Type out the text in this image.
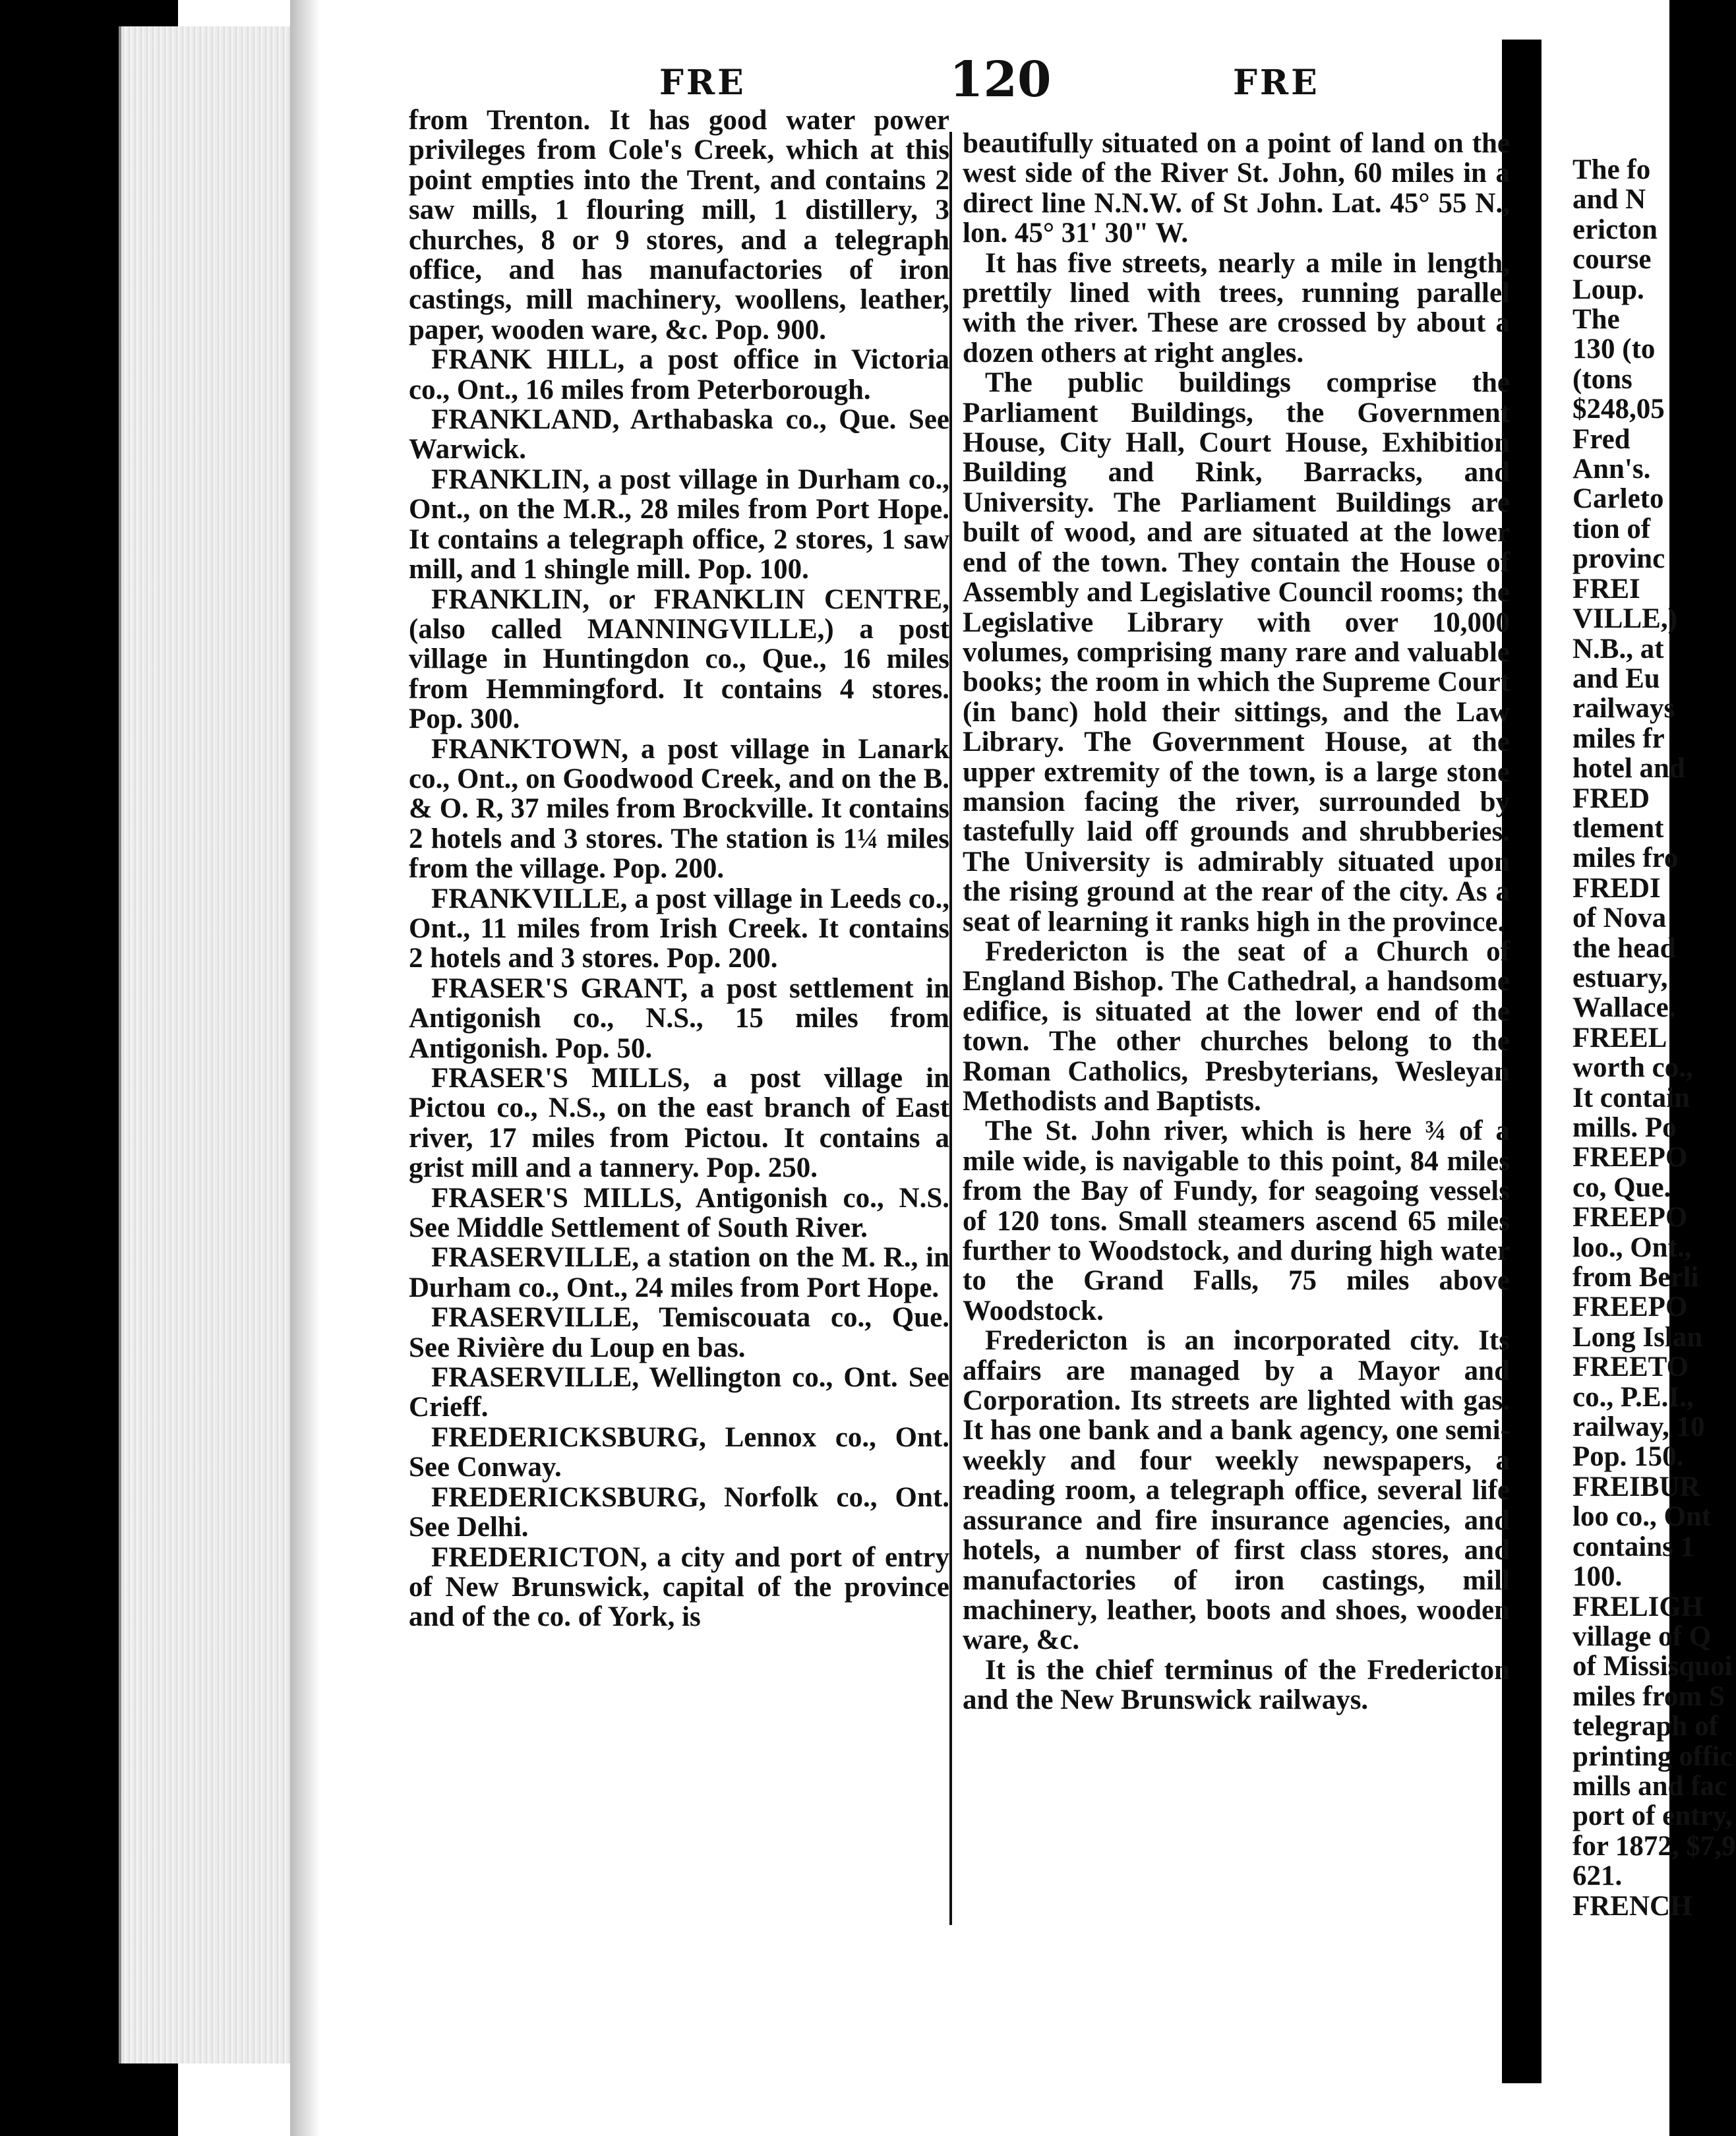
FRE	120	FRE

from Trenton. It has good water power privileges from Cole's Creek, which at this point empties into the Trent, and contains 2 saw mills, 1 flouring mill, 1 distillery, 3 churches, 8 or 9 stores, and a telegraph office, and has manufactories of iron castings, mill machinery, woollens, leather, paper, wooden ware, &c. Pop. 900.

FRANK HILL, a post office in Victoria co., Ont., 16 miles from Peterborough.

FRANKLAND, Arthabaska co., Que. See Warwick.

FRANKLIN, a post village in Durham co., Ont., on the M.R., 28 miles from Port Hope. It contains a telegraph office, 2 stores, 1 saw mill, and 1 shingle mill. Pop. 100.

FRANKLIN, or FRANKLIN CENTRE, (also called MANNINGVILLE,) a post village in Huntingdon co., Que., 16 miles from Hemmingford. It contains 4 stores. Pop. 300.

FRANKTOWN, a post village in Lanark co., Ont., on Goodwood Creek, and on the B. & O. R, 37 miles from Brockville. It contains 2 hotels and 3 stores. The station is 1¼ miles from the village. Pop. 200.

FRANKVILLE, a post village in Leeds co., Ont., 11 miles from Irish Creek. It contains 2 hotels and 3 stores. Pop. 200.

FRASER'S GRANT, a post settlement in Antigonish co., N.S., 15 miles from Antigonish. Pop. 50.

FRASER'S MILLS, a post village in Pictou co., N.S., on the east branch of East river, 17 miles from Pictou. It contains a grist mill and a tannery. Pop. 250.

FRASER'S MILLS, Antigonish co., N.S. See Middle Settlement of South River.

FRASERVILLE, a station on the M. R., in Durham co., Ont., 24 miles from Port Hope.

FRASERVILLE, Temiscouata co., Que. See Rivière du Loup en bas.

FRASERVILLE, Wellington co., Ont. See Crieff.

FREDERICKSBURG, Lennox co., Ont. See Conway.

FREDERICKSBURG, Norfolk co., Ont. See Delhi.

FREDERICTON, a city and port of entry of New Brunswick, capital of the province and of the co. of York, is

beautifully situated on a point of land on the west side of the River St. John, 60 miles in a direct line N.N.W. of St John. Lat. 45° 55 N., lon. 45° 31' 30" W.

It has five streets, nearly a mile in length, prettily lined with trees, running parallel with the river. These are crossed by about a dozen others at right angles.

The public buildings comprise the Parliament Buildings, the Government House, City Hall, Court House, Exhibition Building and Rink, Barracks, and University. The Parliament Buildings are built of wood, and are situated at the lower end of the town. They contain the House of Assembly and Legislative Council rooms; the Legislative Library with over 10,000 volumes, comprising many rare and valuable books; the room in which the Supreme Court (in banc) hold their sittings, and the Law Library. The Government House, at the upper extremity of the town, is a large stone mansion facing the river, surrounded by tastefully laid off grounds and shrubberies. The University is admirably situated upon the rising ground at the rear of the city. As a seat of learning it ranks high in the province.

Fredericton is the seat of a Church of England Bishop. The Cathedral, a handsome edifice, is situated at the lower end of the town. The other churches belong to the Roman Catholics, Presbyterians, Wesleyan Methodists and Baptists.

The St. John river, which is here ¾ of a mile wide, is navigable to this point, 84 miles from the Bay of Fundy, for seagoing vessels of 120 tons. Small steamers ascend 65 miles further to Woodstock, and during high water to the Grand Falls, 75 miles above Woodstock.

Fredericton is an incorporated city. Its affairs are managed by a Mayor and Corporation. Its streets are lighted with gas. It has one bank and a bank agency, one semi-weekly and four weekly newspapers, a reading room, a telegraph office, several life assurance and fire insurance agencies, and hotels, a number of first class stores, and manufactories of iron castings, mill machinery, leather, boots and shoes, wooden ware, &c.

It is the chief terminus of the Fredericton and the New Brunswick railways.

The fo

and N

ericton

course

Loup.

The

130 (to

(tons

$248,05

Fred

Ann's.

Carleto

tion of

provinc

FREI

VILLE,)

N.B., at

and Eu

railways

miles fr

hotel and

FRED

tlement

miles fro

FREDI

of Nova

the head

estuary,

Wallace.

FREEL

worth co.,

It contain

mills. Po

FREEPO

co, Que.

FREEPO

loo., Ont.,

from Berli

FREEPO

Long Islan

FREETO

co., P.E.I.,

railway, 10

Pop. 150.

FREIBUR

loo co., Ont

contains 1

100.

FRELIGH

village of Q

of Missisquoi

miles from S

telegraph of

printing offic

mills and fac

port of entry,

for 1872, $7,9

621.

FRENCH
